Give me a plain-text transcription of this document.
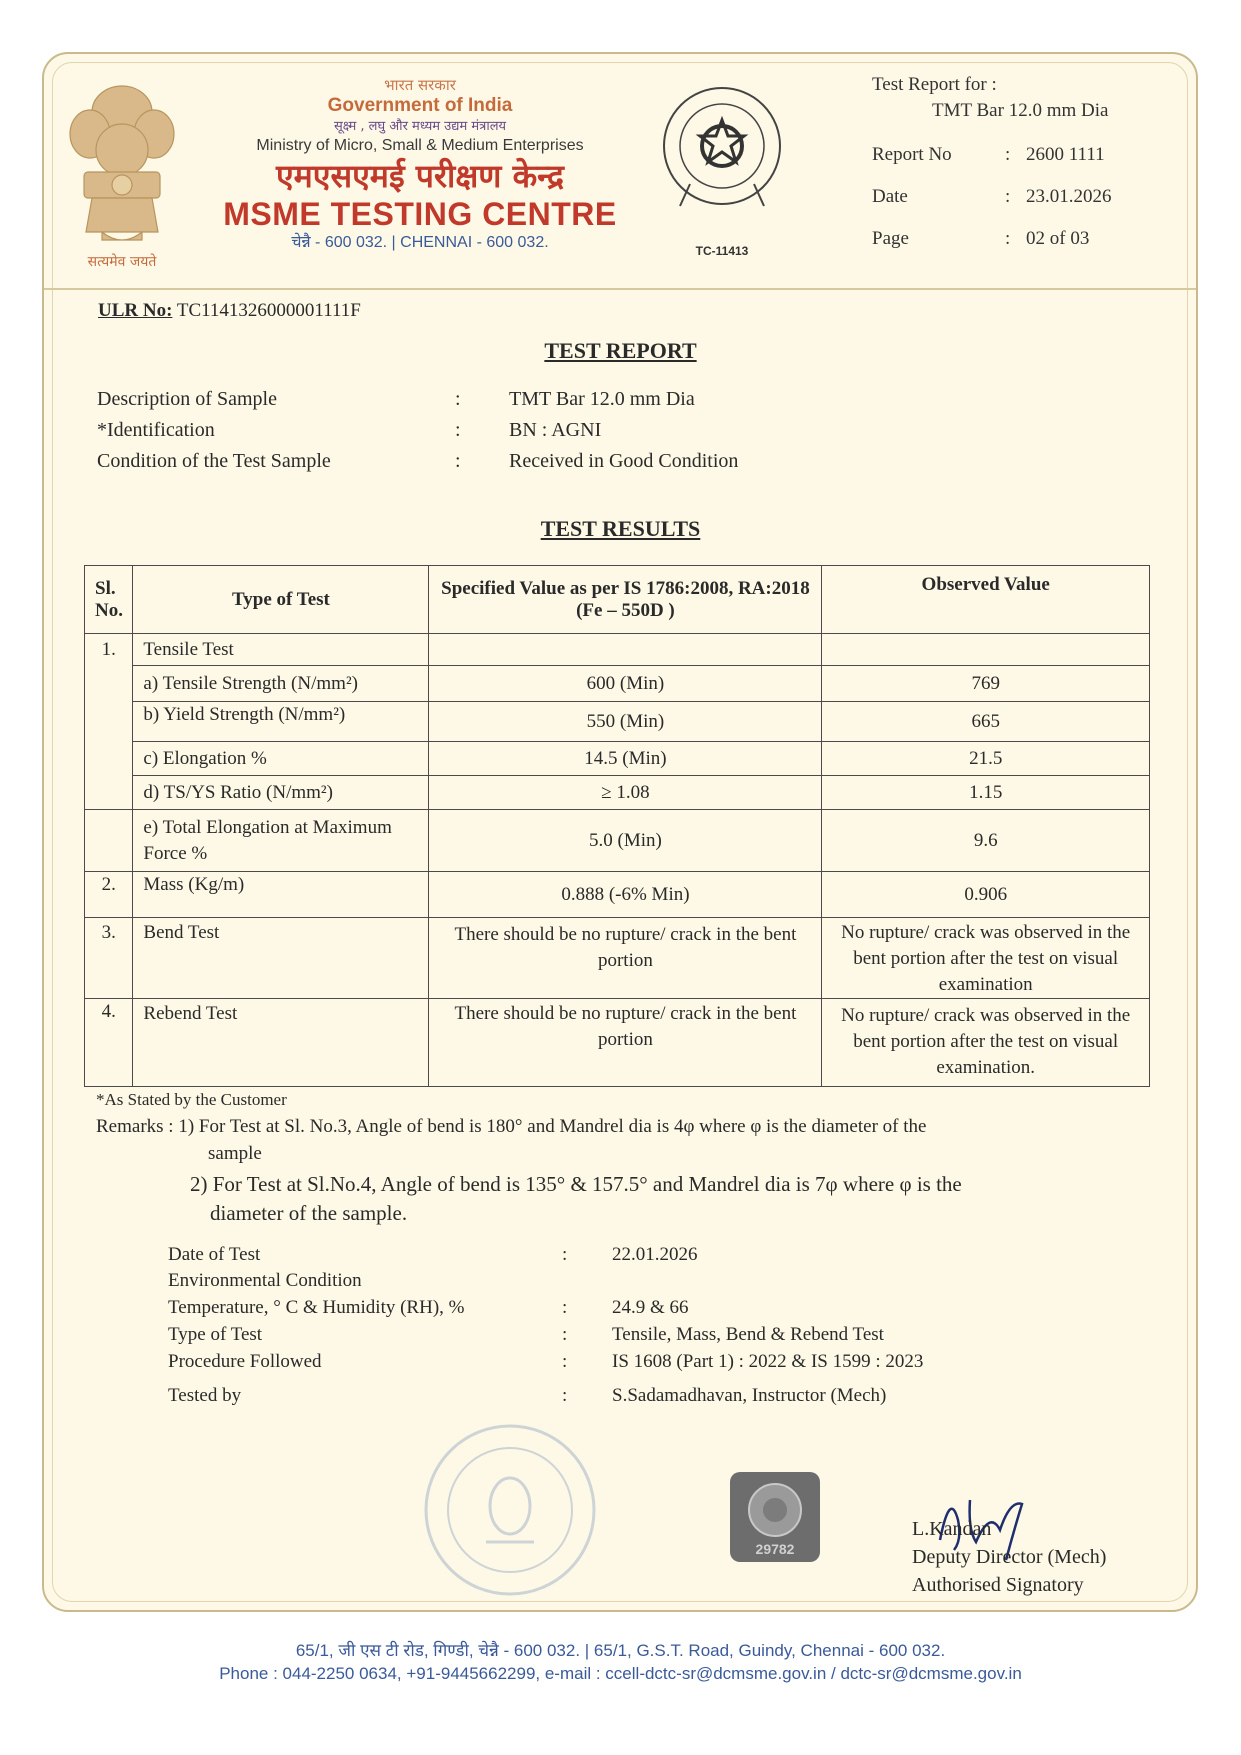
सत्यमेव जयते
भारत सरकार
Government of India
सूक्ष्म , लघु और मध्यम उद्यम मंत्रालय
Ministry of Micro, Small & Medium Enterprises
एमएसएमई परीक्षण केन्द्र
MSME TESTING CENTRE
चेन्नै - 600 032. | CHENNAI - 600 032.	TC-11413
Test Report for :
TMT Bar 12.0 mm Dia
Report No	: 2600 1111
Date	: 23.01.2026
Page	: 02 of 03
ULR No: TC1141326000001111F
TEST REPORT
Description of Sample	: TMT Bar 12.0 mm Dia
*Identification	: BN : AGNI
Condition of the Test Sample	: Received in Good Condition
TEST RESULTS
Sl. No.	Type of Test	Specified Value as per IS 1786:2008, RA:2018 (Fe – 550D )	Observed Value
1.	Tensile Test		
	a) Tensile Strength (N/mm²)	600 (Min)	769
	b) Yield Strength (N/mm²)	550 (Min)	665
	c) Elongation %	14.5 (Min)	21.5
	d) TS/YS Ratio (N/mm²)	≥ 1.08	1.15
	e) Total Elongation at Maximum Force %	5.0 (Min)	9.6
2.	Mass (Kg/m)	0.888 (-6% Min)	0.906
3.	Bend Test	There should be no rupture/ crack in the bent portion	No rupture/ crack was observed in the bent portion after the test on visual examination
4.	Rebend Test	There should be no rupture/ crack in the bent portion	No rupture/ crack was observed in the bent portion after the test on visual examination.
*As Stated by the Customer
Remarks : 1) For Test at Sl. No.3, Angle of bend is 180° and Mandrel dia is 4φ where φ is the diameter of the
sample
2) For Test at Sl.No.4, Angle of bend is 135° & 157.5° and Mandrel dia is 7φ where φ is the
diameter of the sample.
Date of Test	: 22.01.2026
Environmental Condition
Temperature, ° C & Humidity (RH), %	: 24.9 & 66
Type of Test	: Tensile, Mass, Bend & Rebend Test
Procedure Followed	: IS 1608 (Part 1) : 2022 & IS 1599 : 2023
Tested by	: S.Sadamadhavan, Instructor (Mech)
29782
L.Kandan
Deputy Director (Mech)
Authorised Signatory
65/1, जी एस टी रोड, गिण्डी, चेन्नै - 600 032. | 65/1, G.S.T. Road, Guindy, Chennai - 600 032.
Phone : 044-2250 0634, +91-9445662299, e-mail : ccell-dctc-sr@dcmsme.gov.in / dctc-sr@dcmsme.gov.in
